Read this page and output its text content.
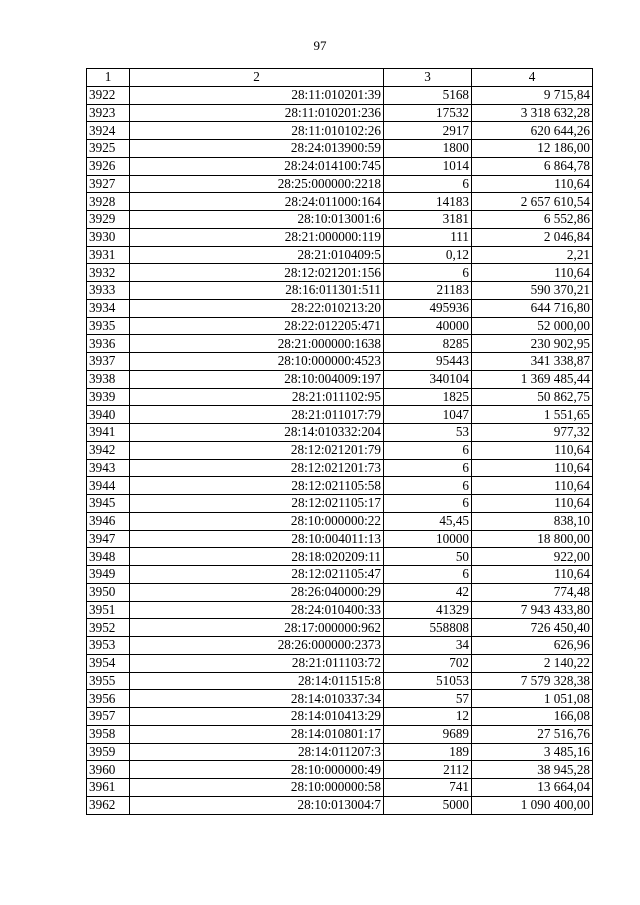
97
1	2	3	4
3922	28:11:010201:39	5168	9 715,84
3923	28:11:010201:236	17532	3 318 632,28
3924	28:11:010102:26	2917	620 644,26
3925	28:24:013900:59	1800	12 186,00
3926	28:24:014100:745	1014	6 864,78
3927	28:25:000000:2218	6	110,64
3928	28:24:011000:164	14183	2 657 610,54
3929	28:10:013001:6	3181	6 552,86
3930	28:21:000000:119	111	2 046,84
3931	28:21:010409:5	0,12	2,21
3932	28:12:021201:156	6	110,64
3933	28:16:011301:511	21183	590 370,21
3934	28:22:010213:20	495936	644 716,80
3935	28:22:012205:471	40000	52 000,00
3936	28:21:000000:1638	8285	230 902,95
3937	28:10:000000:4523	95443	341 338,87
3938	28:10:004009:197	340104	1 369 485,44
3939	28:21:011102:95	1825	50 862,75
3940	28:21:011017:79	1047	1 551,65
3941	28:14:010332:204	53	977,32
3942	28:12:021201:79	6	110,64
3943	28:12:021201:73	6	110,64
3944	28:12:021105:58	6	110,64
3945	28:12:021105:17	6	110,64
3946	28:10:000000:22	45,45	838,10
3947	28:10:004011:13	10000	18 800,00
3948	28:18:020209:11	50	922,00
3949	28:12:021105:47	6	110,64
3950	28:26:040000:29	42	774,48
3951	28:24:010400:33	41329	7 943 433,80
3952	28:17:000000:962	558808	726 450,40
3953	28:26:000000:2373	34	626,96
3954	28:21:011103:72	702	2 140,22
3955	28:14:011515:8	51053	7 579 328,38
3956	28:14:010337:34	57	1 051,08
3957	28:14:010413:29	12	166,08
3958	28:14:010801:17	9689	27 516,76
3959	28:14:011207:3	189	3 485,16
3960	28:10:000000:49	2112	38 945,28
3961	28:10:000000:58	741	13 664,04
3962	28:10:013004:7	5000	1 090 400,00
